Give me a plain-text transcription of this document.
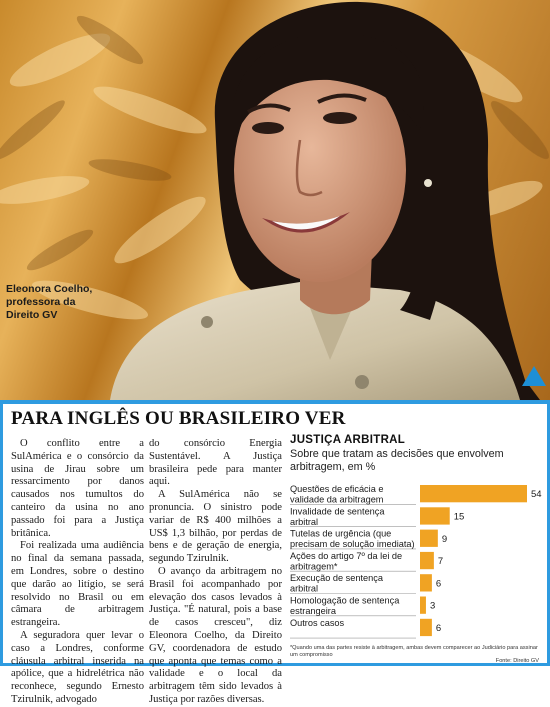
Eleonora Coelho,
professora da
Direito GV
PARA INGLÊS OU BRASILEIRO VER

O conflito entre a SulAmérica e o consórcio da usina de Jirau sobre um ressarcimento por danos causados nos tumultos do canteiro da usina no ano passado foi para a Justiça britânica.

Foi realizada uma audiência no final da semana passada, em Londres, sobre o destino que darão ao litígio, se será resolvido no Brasil ou em câmara de arbitragem estrangeira.

A seguradora quer levar o caso a Londres, conforme cláusula arbitral inserida na apólice, que a hidrelétrica não reconhece, segundo Ernesto Tzirulnik, advogado

do consórcio Energia Sustentável. A Justiça brasileira pede para manter aqui.

A SulAmérica não se pronuncia. O sinistro pode variar de R$ 400 milhões a US$ 1,3 bilhão, por perdas de bens e de geração de energia, segundo Tzirulnik.

O avanço da arbitragem no Brasil foi acompanhado por elevação dos casos levados à Justiça. "É natural, pois a base de casos cresceu", diz Eleonora Coelho, da Direito GV, coordenadora de estudo que aponta que temas como a validade e o local da arbitragem têm sido levados à Justiça por razões diversas.

JUSTIÇA ARBITRAL
Sobre que tratam as decisões que envolvem arbitragem, em %
Questões de eficácia e
validade da arbitragem	54
Invalidade de sentença
arbitral	15
Tutelas de urgência (que
precisam de solução imediata)	9
Ações do artigo 7º da lei de
arbitragem*	7
Execução de sentença
arbitral	6
Homologação de sentença
estrangeira	3
Outros casos
6
*Quando uma das partes resiste à arbitragem, ambas devem comparecer ao Judiciário para assinar um compromisso
Fonte: Direito GV
